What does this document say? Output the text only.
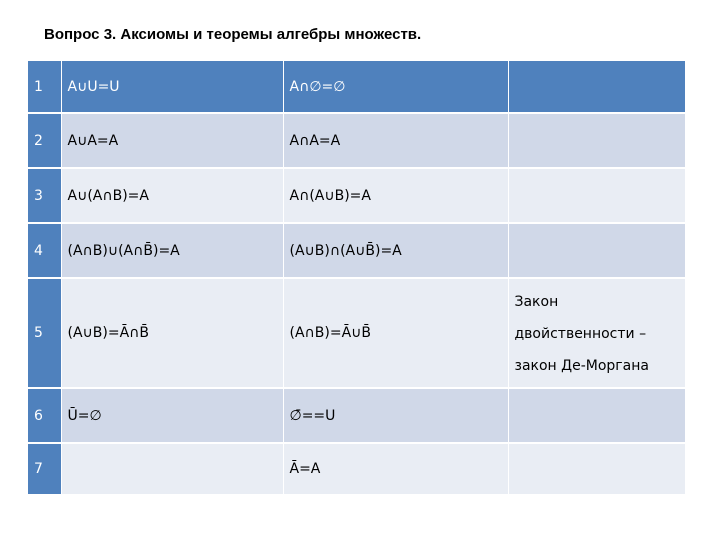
Вопрос 3. Аксиомы и теоремы алгебры множеств.
1	A∪U=U	A∩∅=∅	
2	A∪A=A	A∩A=A	
3	A∪(A∩B)=A	A∩(A∪B)=A	
4	(A∩B)∪(A∩B̄)=A	(A∪B)∩(A∪B̄)=A	
5	(A∪B)=Ā∩B̄	(A∩B)=Ā∪B̄	Закон
двойственности –
закон Де-Моргана

6	Ū=∅	∅̄==U	
7		Ā=A	
